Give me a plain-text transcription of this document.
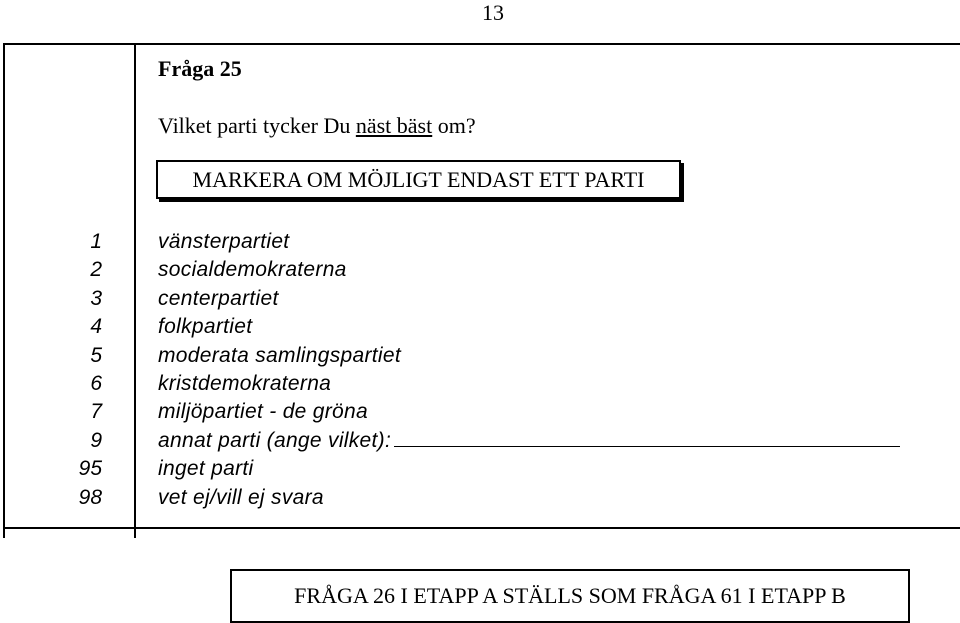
13
Fråga 25
Vilket parti tycker Du näst bäst om?
MARKERA OM MÖJLIGT ENDAST ETT PARTI
1
2
3
4
5
6
7
9
95
98
vänsterpartiet
socialdemokraterna
centerpartiet
folkpartiet
moderata samlingspartiet
kristdemokraterna
miljöpartiet - de gröna
annat parti (ange vilket):
inget parti
vet ej/vill ej svara
FRÅGA 26 I ETAPP A STÄLLS SOM FRÅGA 61 I ETAPP B
